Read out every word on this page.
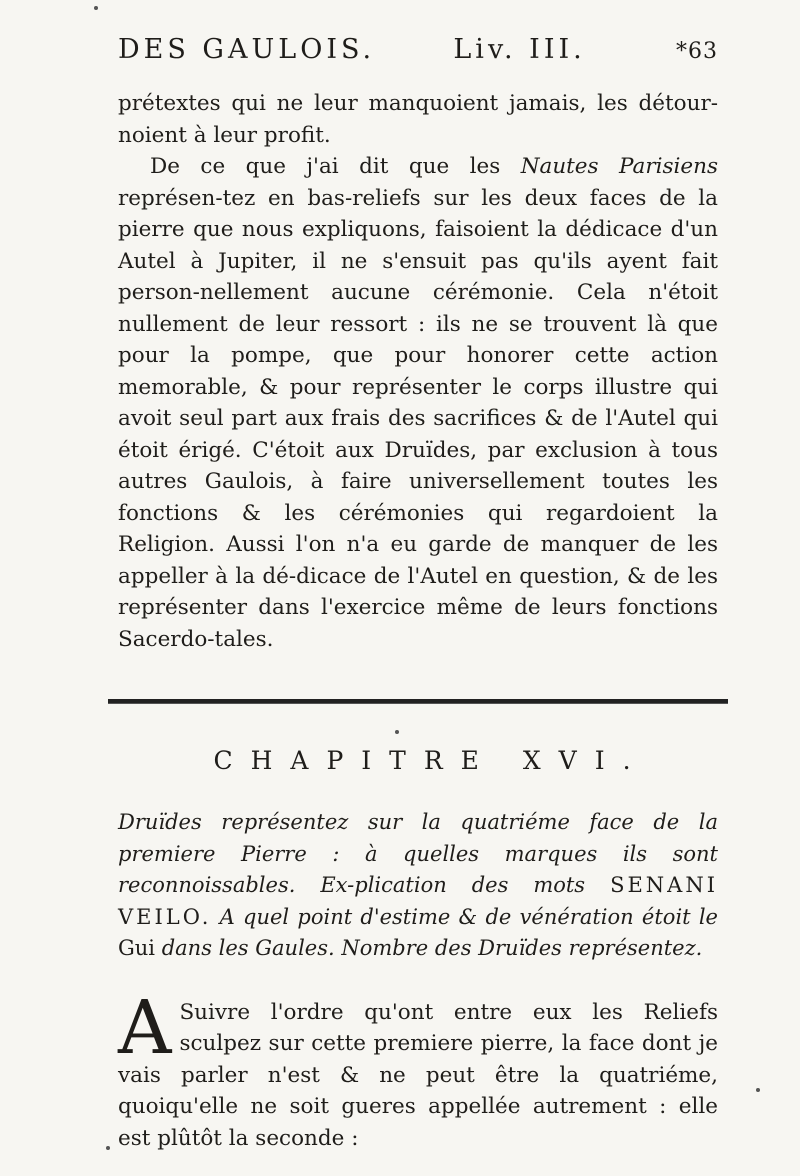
DES GAULOIS.	Liv. III.	*63

prétextes qui ne leur manquoient jamais, les détour-noient à leur profit.

De ce que j'ai dit que les Nautes Parisiens représen-tez en bas-reliefs sur les deux faces de la pierre que nous expliquons, faisoient la dédicace d'un Autel à Jupiter, il ne s'ensuit pas qu'ils ayent fait person-nellement aucune cérémonie. Cela n'étoit nullement de leur ressort : ils ne se trouvent là que pour la pompe, que pour honorer cette action memorable, & pour représenter le corps illustre qui avoit seul part aux frais des sacrifices & de l'Autel qui étoit érigé. C'étoit aux Druïdes, par exclusion à tous autres Gaulois, à faire universellement toutes les fonctions & les cérémonies qui regardoient la Religion. Aussi l'on n'a eu garde de manquer de les appeller à la dé-dicace de l'Autel en question, & de les représenter dans l'exercice même de leurs fonctions Sacerdo-tales.

CHAPITRE XVI.
Druïdes représentez sur la quatriéme face de la premiere Pierre : à quelles marques ils sont reconnoissables. Ex-plication des mots SENANI VEILO. A quel point d'estime & de vénération étoit le Gui dans les Gaules. Nombre des Druïdes représentez.
A Suivre l'ordre qu'ont entre eux les Reliefs sculpez sur cette premiere pierre, la face dont je vais parler n'est & ne peut être la quatriéme, quoiqu'elle ne soit gueres appellée autrement : elle est plûtôt la seconde :
